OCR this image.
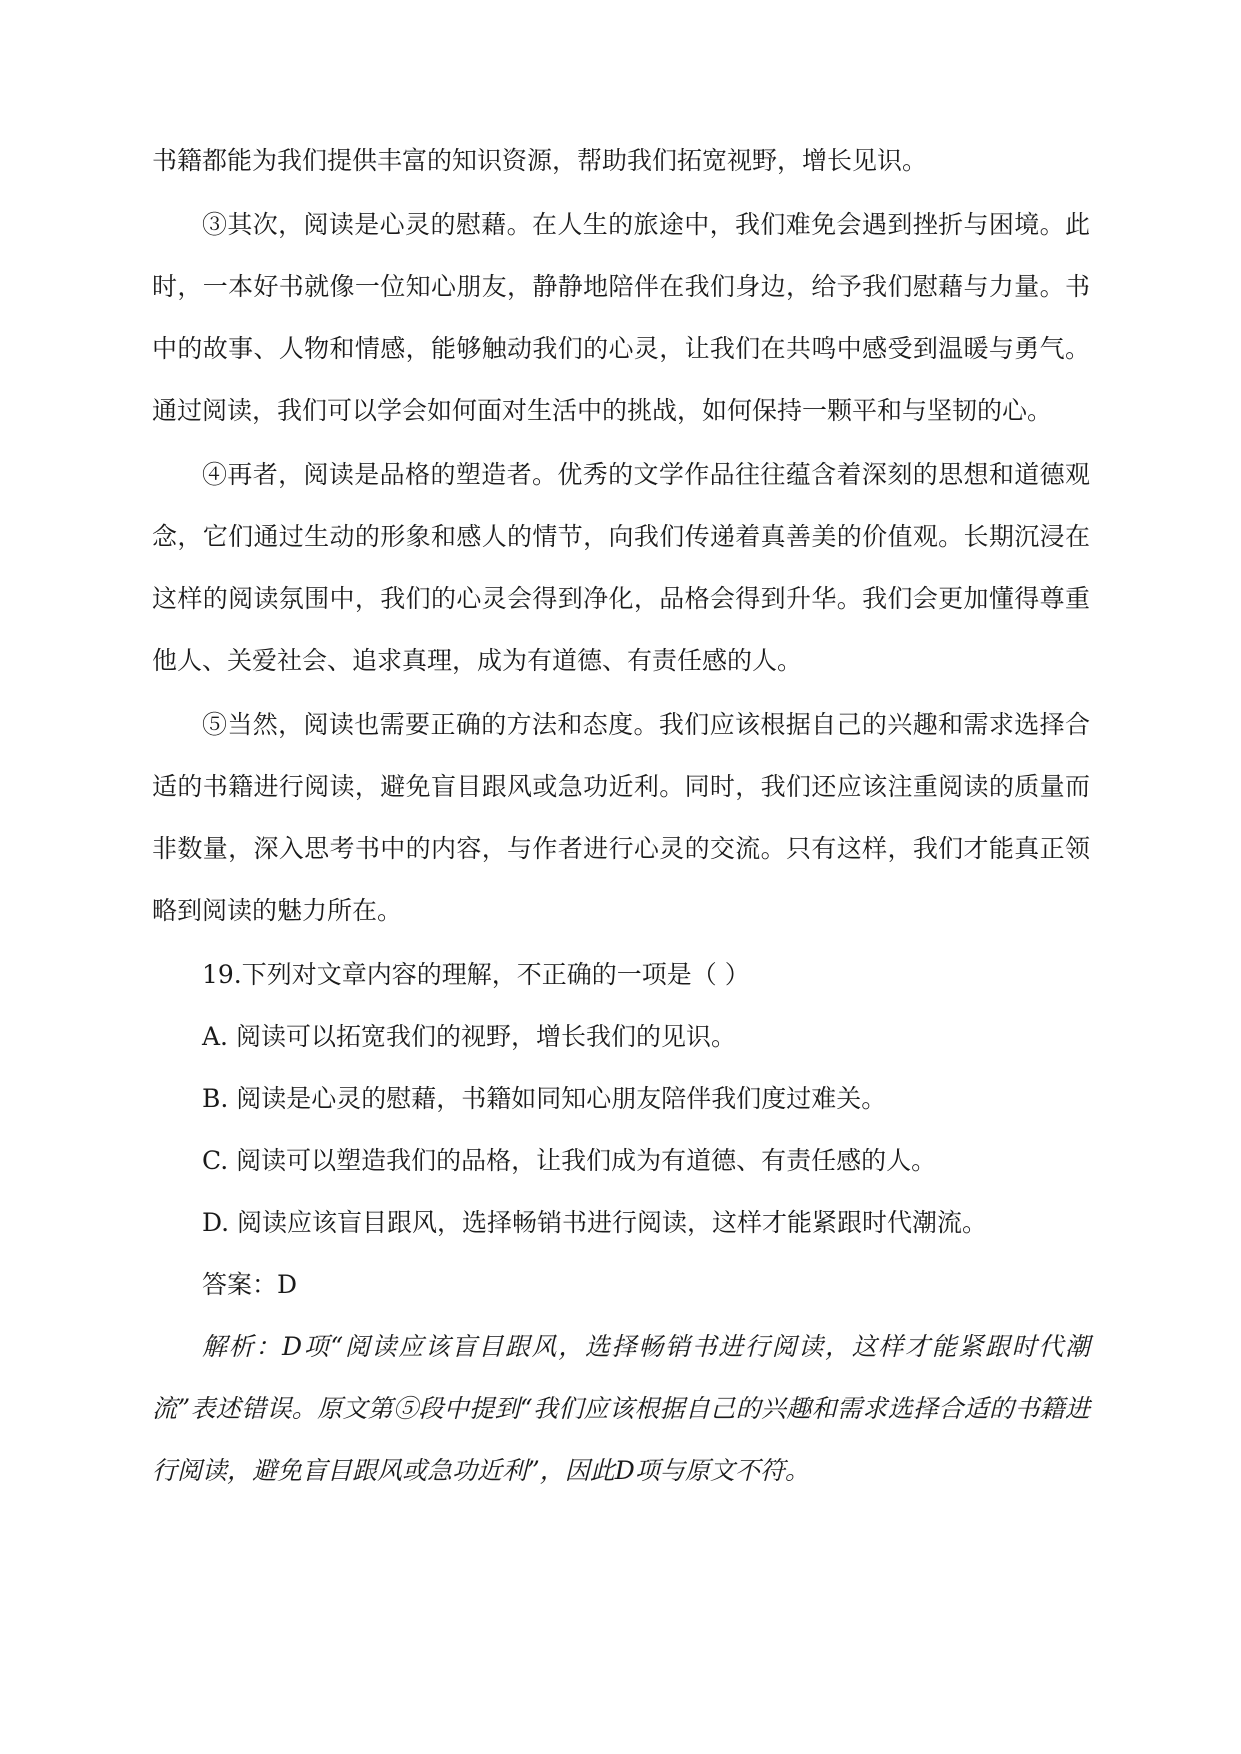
书籍都能为我们提供丰富的知识资源，帮助我们拓宽视野，增长见识。

③其次，阅读是心灵的慰藉。在人生的旅途中，我们难免会遇到挫折与困境。此时，一本好书就像一位知心朋友，静静地陪伴在我们身边，给予我们慰藉与力量。书中的故事、人物和情感，能够触动我们的心灵，让我们在共鸣中感受到温暖与勇气。通过阅读，我们可以学会如何面对生活中的挑战，如何保持一颗平和与坚韧的心。

④再者，阅读是品格的塑造者。优秀的文学作品往往蕴含着深刻的思想和道德观念，它们通过生动的形象和感人的情节，向我们传递着真善美的价值观。长期沉浸在这样的阅读氛围中，我们的心灵会得到净化，品格会得到升华。我们会更加懂得尊重他人、关爱社会、追求真理，成为有道德、有责任感的人。

⑤当然，阅读也需要正确的方法和态度。我们应该根据自己的兴趣和需求选择合适的书籍进行阅读，避免盲目跟风或急功近利。同时，我们还应该注重阅读的质量而非数量，深入思考书中的内容，与作者进行心灵的交流。只有这样，我们才能真正领略到阅读的魅力所在。

19.下列对文章内容的理解，不正确的一项是（ ）

A. 阅读可以拓宽我们的视野，增长我们的见识。

B. 阅读是心灵的慰藉，书籍如同知心朋友陪伴我们度过难关。

C. 阅读可以塑造我们的品格，让我们成为有道德、有责任感的人。

D. 阅读应该盲目跟风，选择畅销书进行阅读，这样才能紧跟时代潮流。

答案：D

解析：D项“阅读应该盲目跟风，选择畅销书进行阅读，这样才能紧跟时代潮流”表述错误。原文第⑤段中提到“我们应该根据自己的兴趣和需求选择合适的书籍进行阅读，避免盲目跟风或急功近利”，因此D项与原文不符。
